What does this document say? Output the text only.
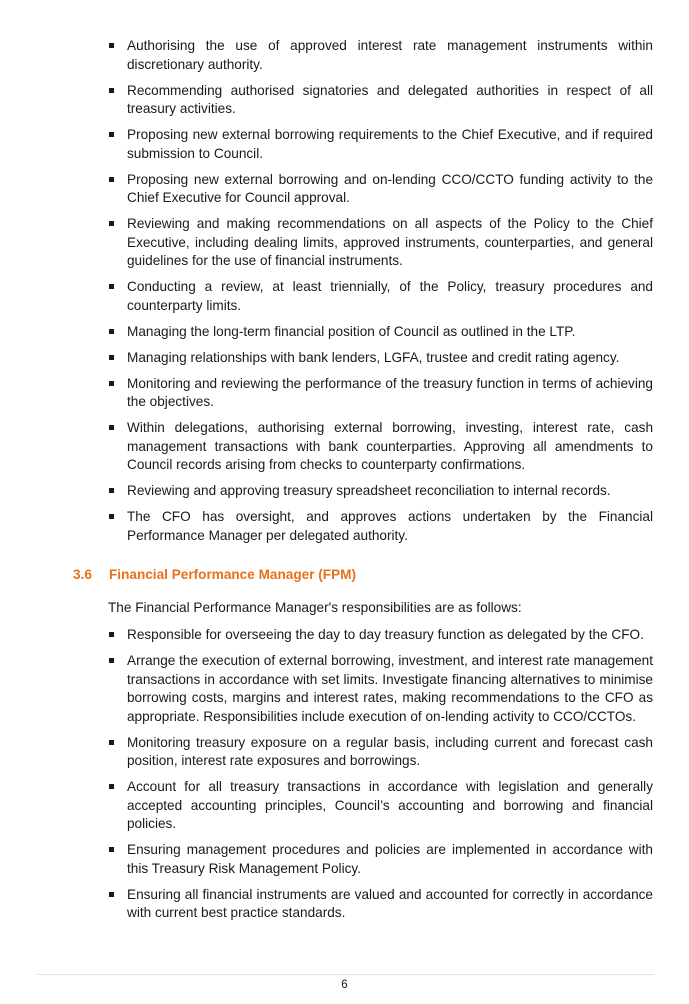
Authorising the use of approved interest rate management instruments within discretionary authority.
Recommending authorised signatories and delegated authorities in respect of all treasury activities.
Proposing new external borrowing requirements to the Chief Executive, and if required submission to Council.
Proposing new external borrowing and on-lending CCO/CCTO funding activity to the Chief Executive for Council approval.
Reviewing and making recommendations on all aspects of the Policy to the Chief Executive, including dealing limits, approved instruments, counterparties, and general guidelines for the use of financial instruments.
Conducting a review, at least triennially, of the Policy, treasury procedures and counterparty limits.
Managing the long-term financial position of Council as outlined in the LTP.
Managing relationships with bank lenders, LGFA, trustee and credit rating agency.
Monitoring and reviewing the performance of the treasury function in terms of achieving the objectives.
Within delegations, authorising external borrowing, investing, interest rate, cash management transactions with bank counterparties. Approving all amendments to Council records arising from checks to counterparty confirmations.
Reviewing and approving treasury spreadsheet reconciliation to internal records.
The CFO has oversight, and approves actions undertaken by the Financial Performance Manager per delegated authority.
3.6 Financial Performance Manager (FPM)
The Financial Performance Manager's responsibilities are as follows:
Responsible for overseeing the day to day treasury function as delegated by the CFO.
Arrange the execution of external borrowing, investment, and interest rate management transactions in accordance with set limits. Investigate financing alternatives to minimise borrowing costs, margins and interest rates, making recommendations to the CFO as appropriate. Responsibilities include execution of on-lending activity to CCO/CCTOs.
Monitoring treasury exposure on a regular basis, including current and forecast cash position, interest rate exposures and borrowings.
Account for all treasury transactions in accordance with legislation and generally accepted accounting principles, Council’s accounting and borrowing and financial policies.
Ensuring management procedures and policies are implemented in accordance with this Treasury Risk Management Policy.
Ensuring all financial instruments are valued and accounted for correctly in accordance with current best practice standards.
6
